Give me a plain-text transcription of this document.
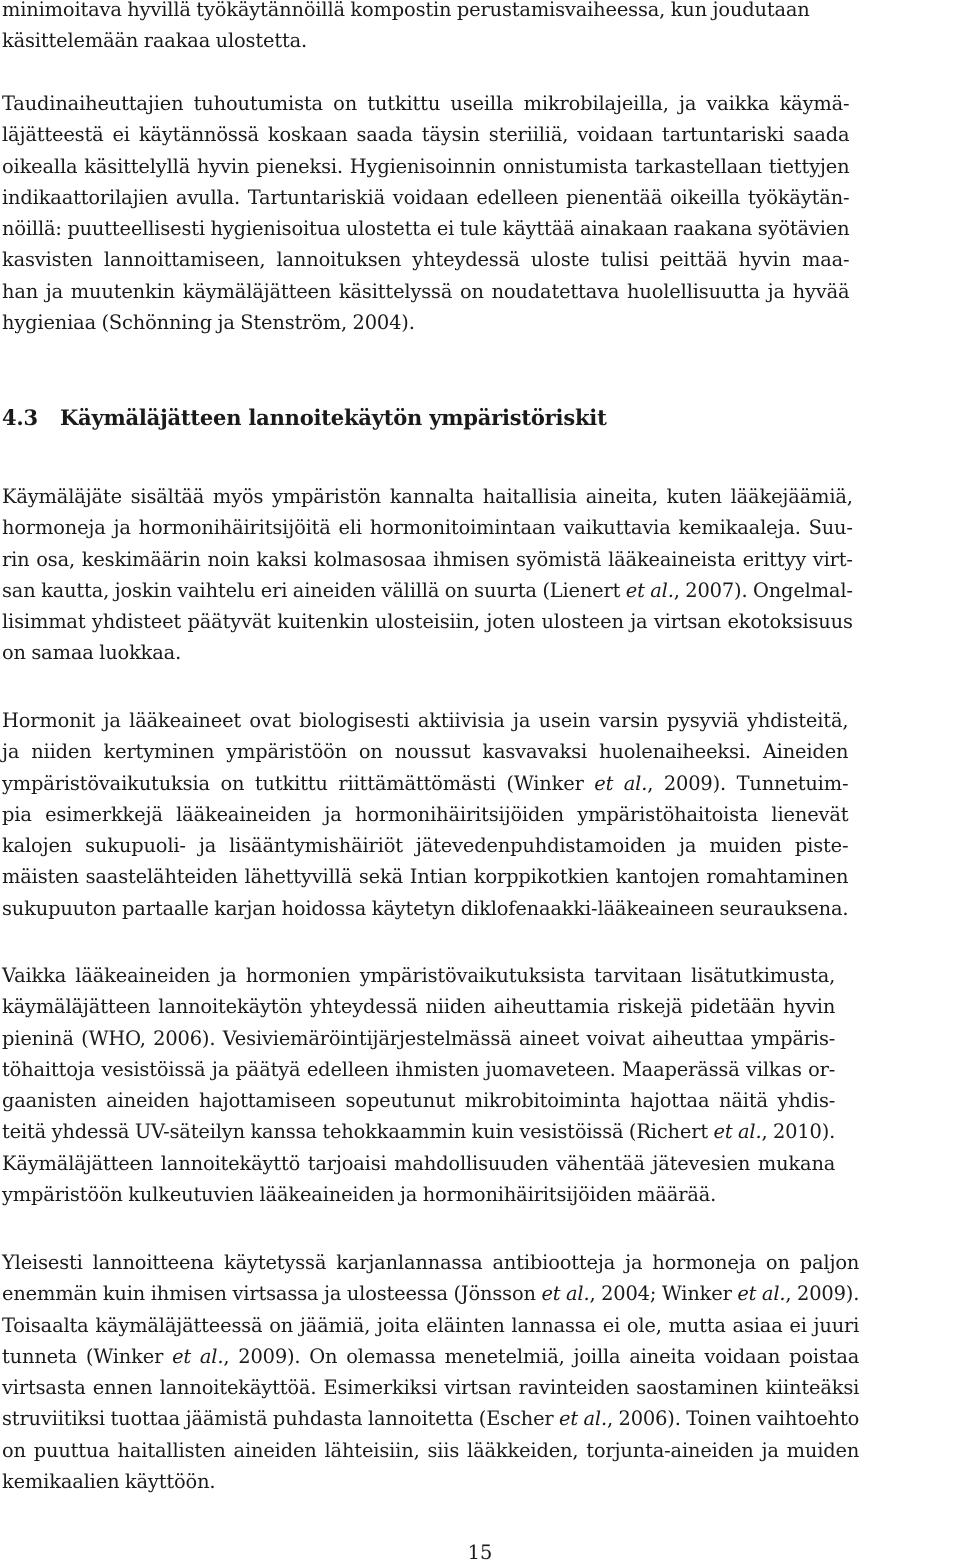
minimoitava hyvillä työkäytännöillä kompostin perustamisvaiheessa, kun joudutaan
käsittelemään raakaa ulostetta.

Taudinaiheuttajien tuhoutumista on tutkittu useilla mikrobilajeilla, ja vaikka käymä-
läjätteestä ei käytännössä koskaan saada täysin steriiliä, voidaan tartuntariski saada
oikealla käsittelyllä hyvin pieneksi. Hygienisoinnin onnistumista tarkastellaan tiettyjen
indikaattorilajien avulla. Tartuntariskiä voidaan edelleen pienentää oikeilla työkäytän-
nöillä: puutteellisesti hygienisoitua ulostetta ei tule käyttää ainakaan raakana syötävien
kasvisten lannoittamiseen, lannoituksen yhteydessä uloste tulisi peittää hyvin maa-
han ja muutenkin käymäläjätteen käsittelyssä on noudatettava huolellisuutta ja hyvää
hygieniaa (Schönning ja Stenström, 2004).

4.3 Käymäläjätteen lannoitekäytön ympäristöriskit

Käymäläjäte sisältää myös ympäristön kannalta haitallisia aineita, kuten lääkejäämiä,
hormoneja ja hormonihäiritsijöitä eli hormonitoimintaan vaikuttavia kemikaaleja. Suu-
rin osa, keskimäärin noin kaksi kolmasosaa ihmisen syömistä lääkeaineista erittyy virt-
san kautta, joskin vaihtelu eri aineiden välillä on suurta (Lienert et al., 2007). Ongelmal-
lisimmat yhdisteet päätyvät kuitenkin ulosteisiin, joten ulosteen ja virtsan ekotoksisuus
on samaa luokkaa.

Hormonit ja lääkeaineet ovat biologisesti aktiivisia ja usein varsin pysyviä yhdisteitä,
ja niiden kertyminen ympäristöön on noussut kasvavaksi huolenaiheeksi. Aineiden
ympäristövaikutuksia on tutkittu riittämättömästi (Winker et al., 2009). Tunnetuim-
pia esimerkkejä lääkeaineiden ja hormonihäiritsijöiden ympäristöhaitoista lienevät
kalojen sukupuoli- ja lisääntymishäiriöt jätevedenpuhdistamoiden ja muiden piste-
mäisten saastelähteiden lähettyvillä sekä Intian korppikotkien kantojen romahtaminen
sukupuuton partaalle karjan hoidossa käytetyn diklofenaakki-lääkeaineen seurauksena.

Vaikka lääkeaineiden ja hormonien ympäristövaikutuksista tarvitaan lisätutkimusta,
käymäläjätteen lannoitekäytön yhteydessä niiden aiheuttamia riskejä pidetään hyvin
pieninä (WHO, 2006). Vesiviemäröintijärjestelmässä aineet voivat aiheuttaa ympäris-
töhaittoja vesistöissä ja päätyä edelleen ihmisten juomaveteen. Maaperässä vilkas or-
gaanisten aineiden hajottamiseen sopeutunut mikrobitoiminta hajottaa näitä yhdis-
teitä yhdessä UV-säteilyn kanssa tehokkaammin kuin vesistöissä (Richert et al., 2010).
Käymäläjätteen lannoitekäyttö tarjoaisi mahdollisuuden vähentää jätevesien mukana
ympäristöön kulkeutuvien lääkeaineiden ja hormonihäiritsijöiden määrää.

Yleisesti lannoitteena käytetyssä karjanlannassa antibiootteja ja hormoneja on paljon
enemmän kuin ihmisen virtsassa ja ulosteessa (Jönsson et al., 2004; Winker et al., 2009).
Toisaalta käymäläjätteessä on jäämiä, joita eläinten lannassa ei ole, mutta asiaa ei juuri
tunneta (Winker et al., 2009). On olemassa menetelmiä, joilla aineita voidaan poistaa
virtsasta ennen lannoitekäyttöä. Esimerkiksi virtsan ravinteiden saostaminen kiinteäksi
struviitiksi tuottaa jäämistä puhdasta lannoitetta (Escher et al., 2006). Toinen vaihtoehto
on puuttua haitallisten aineiden lähteisiin, siis lääkkeiden, torjunta-aineiden ja muiden
kemikaalien käyttöön.

15
